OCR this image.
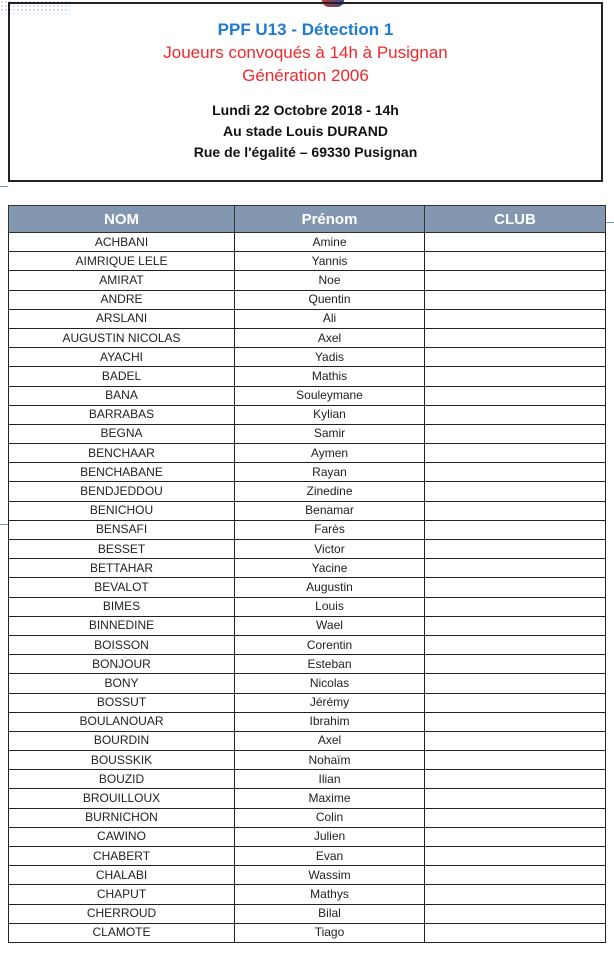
PPF U13 - Détection 1
Joueurs convoqués à 14h à Pusignan
Génération 2006
Lundi 22 Octobre 2018 - 14h
Au stade Louis DURAND
Rue de l'égalité – 69330 Pusignan
NOM	Prénom	CLUB
ACHBANI	Amine	
AIMRIQUE LELE	Yannis	
AMIRAT	Noe	
ANDRE	Quentin	
ARSLANI	Ali	
AUGUSTIN NICOLAS	Axel	
AYACHI	Yadis	
BADEL	Mathis	
BANA	Souleymane	
BARRABAS	Kylian	
BEGNA	Samir	
BENCHAAR	Aymen	
BENCHABANE	Rayan	
BENDJEDDOU	Zinedine	
BENICHOU	Benamar	
BENSAFI	Farès	
BESSET	Victor	
BETTAHAR	Yacine	
BEVALOT	Augustin	
BIMES	Louis	
BINNEDINE	Wael	
BOISSON	Corentin	
BONJOUR	Esteban	
BONY	Nicolas	
BOSSUT	Jérémy	
BOULANOUAR	Ibrahim	
BOURDIN	Axel	
BOUSSKIK	Nohaïm	
BOUZID	Ilian	
BROUILLOUX	Maxime	
BURNICHON	Colin	
CAWINO	Julien	
CHABERT	Evan	
CHALABI	Wassim	
CHAPUT	Mathys	
CHERROUD	Bilal	
CLAMOTE	Tiago	
